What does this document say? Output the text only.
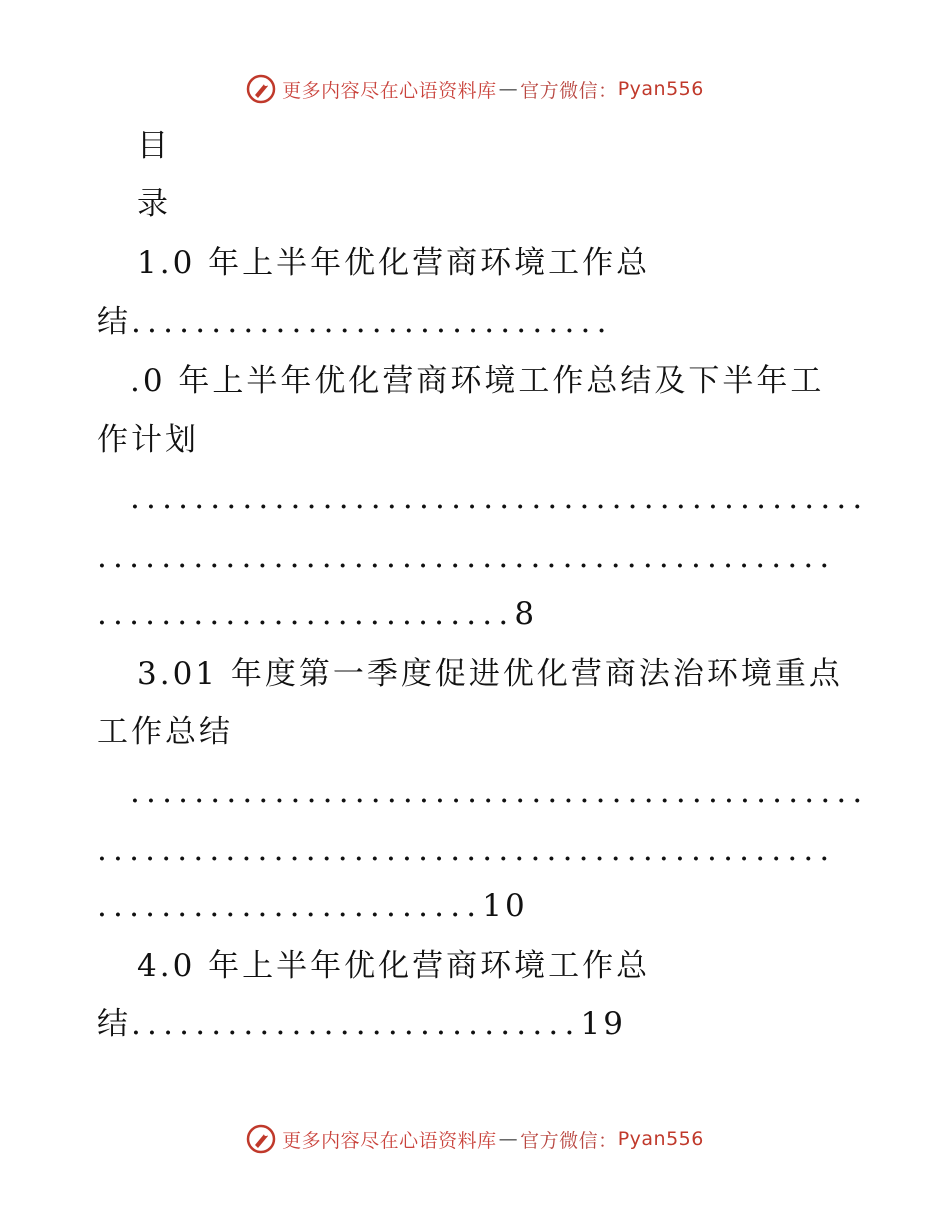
更多内容尽在心语资料库 — 官方微信： Pyan556
目
录
1.0 年上半年优化营商环境工作总
结..............................
.0 年上半年优化营商环境工作总结及下半年工
作计划
..............................................
..............................................
..........................8
3.01 年度第一季度促进优化营商法治环境重点
工作总结
..............................................
..............................................
........................10
4.0 年上半年优化营商环境工作总
结............................19
更多内容尽在心语资料库 — 官方微信： Pyan556
